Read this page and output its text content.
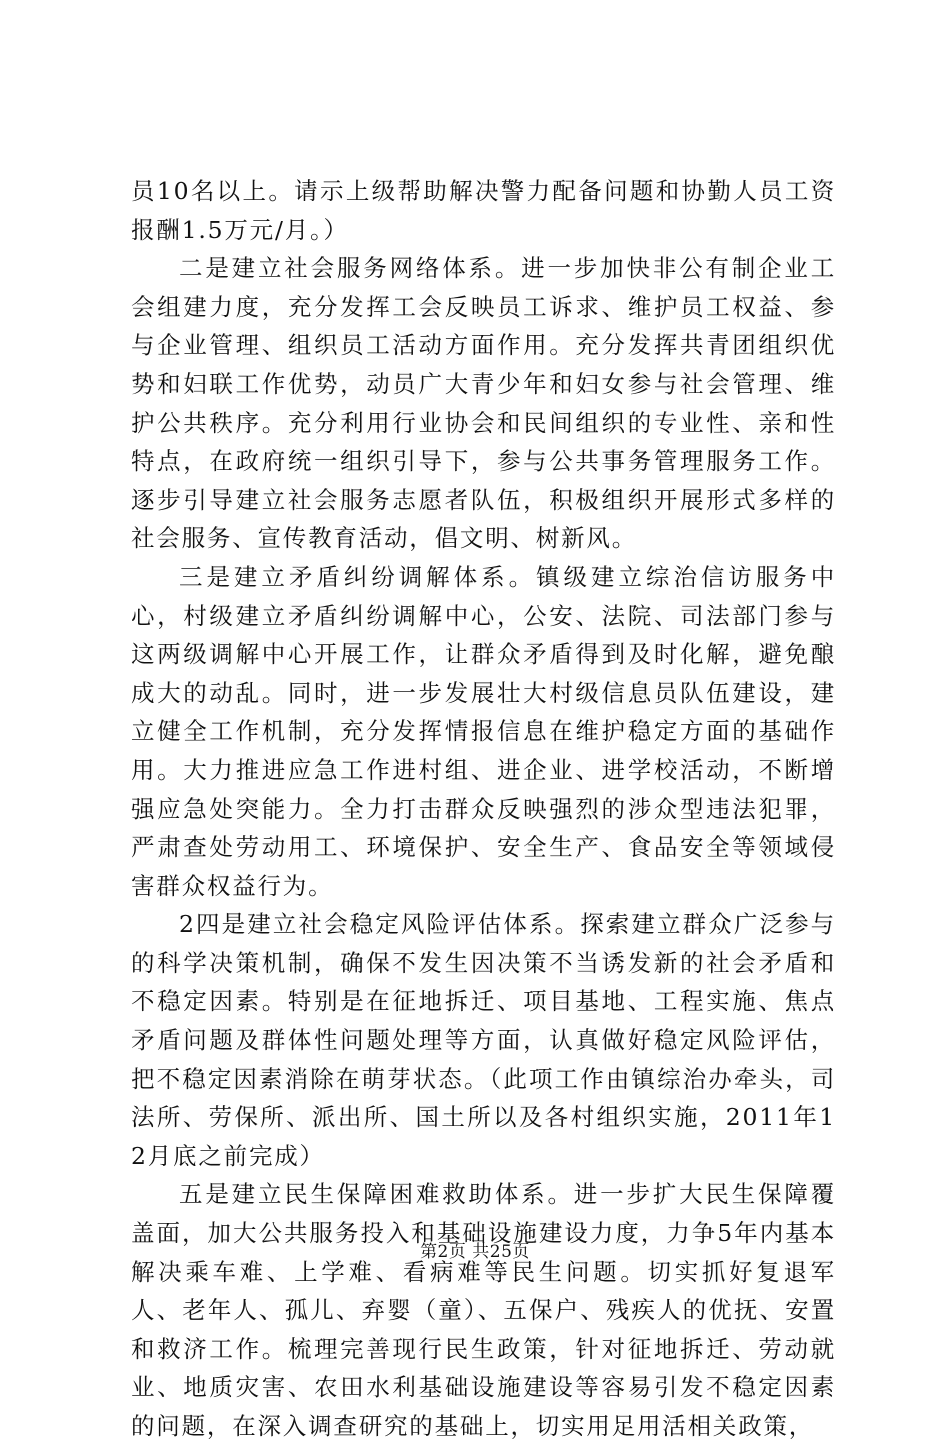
员10名以上。请示上级帮助解决警力配备问题和协勤人员工资报酬1.5万元/月。）

二是建立社会服务网络体系。进一步加快非公有制企业工会组建力度，充分发挥工会反映员工诉求、维护员工权益、参与企业管理、组织员工活动方面作用。充分发挥共青团组织优势和妇联工作优势，动员广大青少年和妇女参与社会管理、维护公共秩序。充分利用行业协会和民间组织的专业性、亲和性特点，在政府统一组织引导下，参与公共事务管理服务工作。逐步引导建立社会服务志愿者队伍，积极组织开展形式多样的社会服务、宣传教育活动，倡文明、树新风。

三是建立矛盾纠纷调解体系。镇级建立综治信访服务中心，村级建立矛盾纠纷调解中心，公安、法院、司法部门参与这两级调解中心开展工作，让群众矛盾得到及时化解，避免酿成大的动乱。同时，进一步发展壮大村级信息员队伍建设，建立健全工作机制，充分发挥情报信息在维护稳定方面的基础作用。大力推进应急工作进村组、进企业、进学校活动，不断增强应急处突能力。全力打击群众反映强烈的涉众型违法犯罪，严肃查处劳动用工、环境保护、安全生产、食品安全等领域侵害群众权益行为。

2四是建立社会稳定风险评估体系。探索建立群众广泛参与的科学决策机制，确保不发生因决策不当诱发新的社会矛盾和不稳定因素。特别是在征地拆迁、项目基地、工程实施、焦点矛盾问题及群体性问题处理等方面，认真做好稳定风险评估，把不稳定因素消除在萌芽状态。（此项工作由镇综治办牵头，司法所、劳保所、派出所、国土所以及各村组织实施，2011年12月底之前完成）

五是建立民生保障困难救助体系。进一步扩大民生保障覆盖面，加大公共服务投入和基础设施建设力度，力争5年内基本解决乘车难、上学难、看病难等民生问题。切实抓好复退军人、老年人、孤儿、弃婴（童）、五保户、残疾人的优抚、安置和救济工作。梳理完善现行民生政策，针对征地拆迁、劳动就业、地质灾害、农田水利基础设施建设等容易引发不稳定因素的问题，在深入调查研究的基础上，切实用足用活相关政策，

第2页 共25页
